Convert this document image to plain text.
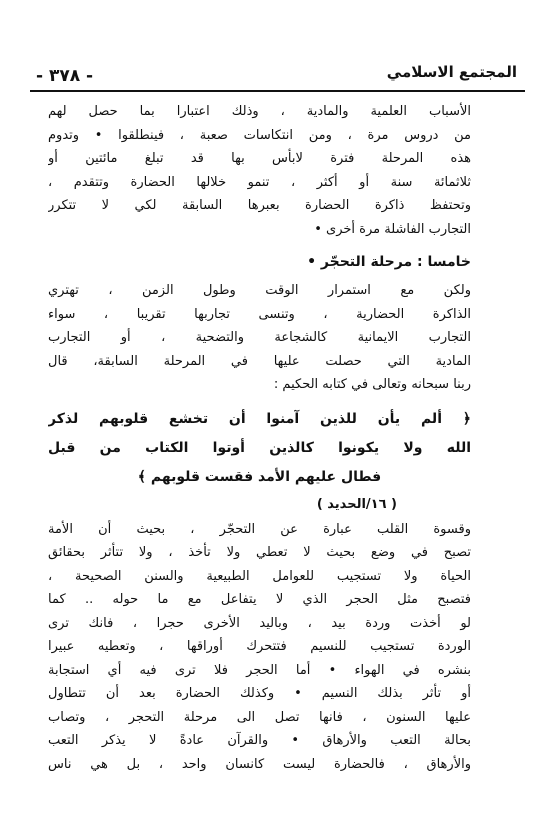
- ٣٧٨ -	المجتمع الاسلامي
الأسباب العلمية والمادية ، وذلك اعتبارا بما حصل لهم
من دروس مرة ، ومن انتكاسات صعبة ، فينطلقوا • وتدوم
هذه المرحلة فترة لابأس بها قد تبلغ مائتين أو
ثلاثمائة سنة أو أكثر ، تنمو خلالها الحضارة وتتقدم ،
وتحتفظ ذاكرة الحضارة بعبرها السابقة لكي لا تتكرر
التجارب الفاشلة مرة أخرى •
خامسا : مرحلة التحجّر •
ولكن مع استمرار الوقت وطول الزمن ، تهتري
الذاكرة الحضارية ، وتنسى تجاربها تقريبا ، سواء
التجارب الايمانية كالشجاعة والتضحية ، أو التجارب
المادية التي حصلت عليها في المرحلة السابقة، قال
ربنا سبحانه وتعالى في كتابه الحكيم :
﴿ ألم يأن للذين آمنوا أن تخشع قلوبهم لذكر
الله ولا يكونوا كالذين أوتوا الكتاب من قبل
فطال عليهم الأمد فقست قلوبهم ﴾
( ١٦/الحديد )
وقسوة القلب عبارة عن التحجّر ، بحيث أن الأمة
تصبح في وضع بحيث لا تعطي ولا تأخذ ، ولا تتأثر بحقائق
الحياة ولا تستجيب للعوامل الطبيعية والسنن الصحيحة ،
فتصبح مثل الحجر الذي لا يتفاعل مع ما حوله .. كما
لو أخذت وردة بيد ، وباليد الأخرى حجرا ، فانك ترى
الوردة تستجيب للنسيم فتتحرك أوراقها ، وتعطيه عبيرا
بنشره في الهواء • أما الحجر فلا ترى فيه أي استجابة
أو تأثر بذلك النسيم • وكذلك الحضارة بعد أن تتطاول
عليها السنون ، فانها تصل الى مرحلة التحجر ، وتصاب
بحالة التعب والأرهاق • والقرآن عادةً لا يذكر التعب
والأرهاق ، فالحضارة ليست كانسان واحد ، بل هي ناس
